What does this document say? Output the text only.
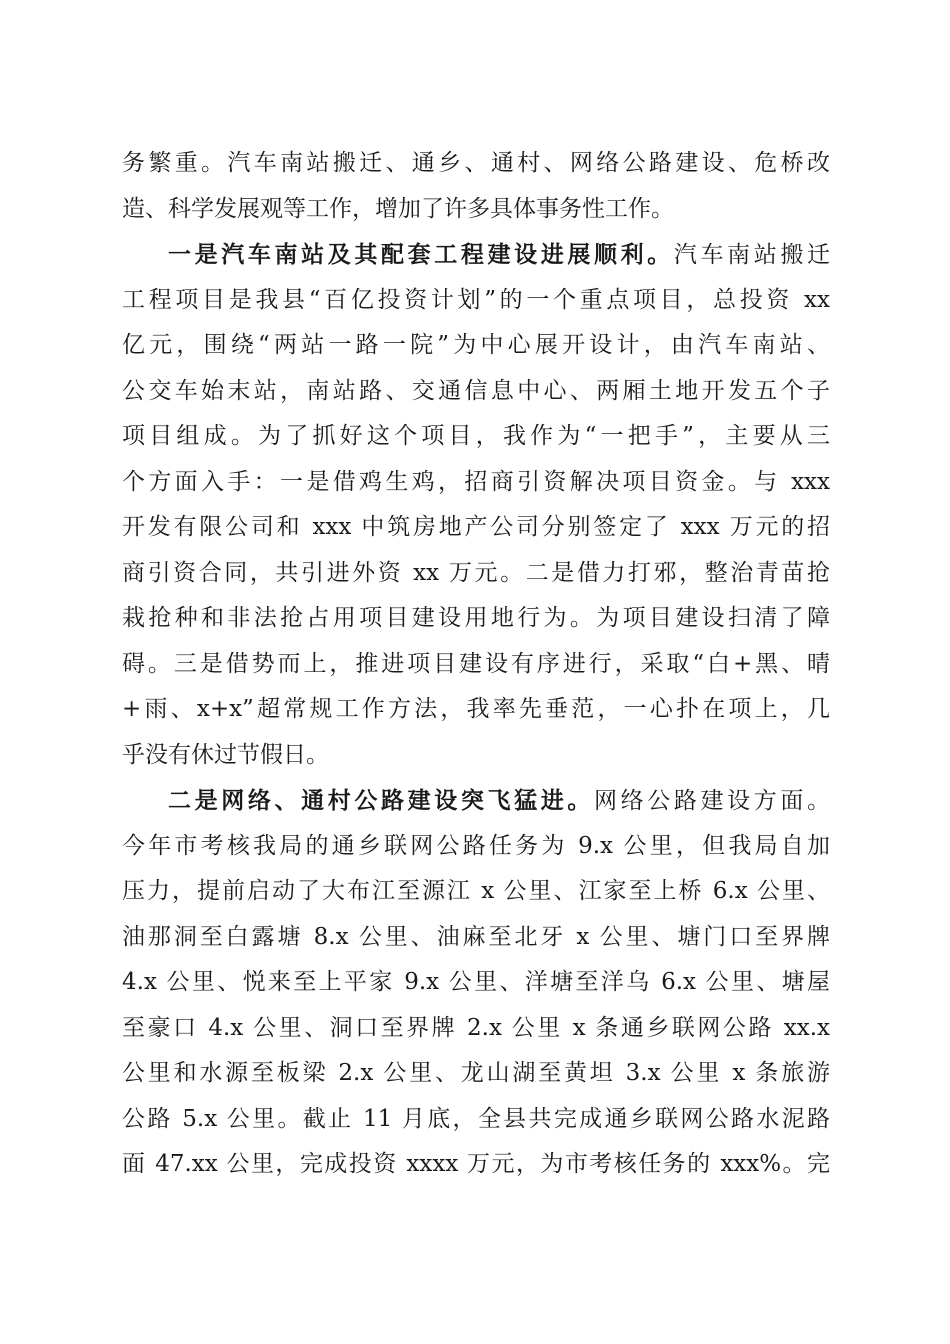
务繁重。汽车南站搬迁、通乡、通村、网络公路建设、危桥改
造、科学发展观等工作，增加了许多具体事务性工作。
一是汽车南站及其配套工程建设进展顺利。汽车南站搬迁
工程项目是我县“百亿投资计划”的一个重点项目，总投资 xx
亿元，围绕“两站一路一院”为中心展开设计，由汽车南站、
公交车始末站，南站路、交通信息中心、两厢土地开发五个子
项目组成。为了抓好这个项目，我作为“一把手”，主要从三
个方面入手：一是借鸡生鸡，招商引资解决项目资金。与 xxx
开发有限公司和 xxx 中筑房地产公司分别签定了 xxx 万元的招
商引资合同，共引进外资 xx 万元。二是借力打邪，整治青苗抢
栽抢种和非法抢占用项目建设用地行为。为项目建设扫清了障
碍。三是借势而上，推进项目建设有序进行，采取“白+黑、晴
+雨、x+x”超常规工作方法，我率先垂范，一心扑在项上，几
乎没有休过节假日。
二是网络、通村公路建设突飞猛进。网络公路建设方面。
今年市考核我局的通乡联网公路任务为 9.x 公里，但我局自加
压力，提前启动了大布江至源江 x 公里、江家至上桥 6.x 公里、
油那洞至白露塘 8.x 公里、油麻至北牙 x 公里、塘门口至界牌
4.x 公里、悦来至上平家 9.x 公里、洋塘至洋乌 6.x 公里、塘屋
至豪口 4.x 公里、洞口至界牌 2.x 公里 x 条通乡联网公路 xx.x
公里和水源至板梁 2.x 公里、龙山湖至黄坦 3.x 公里 x 条旅游
公路 5.x 公里。截止 11 月底，全县共完成通乡联网公路水泥路
面 47.xx 公里，完成投资 xxxx 万元，为市考核任务的 xxx%。完
